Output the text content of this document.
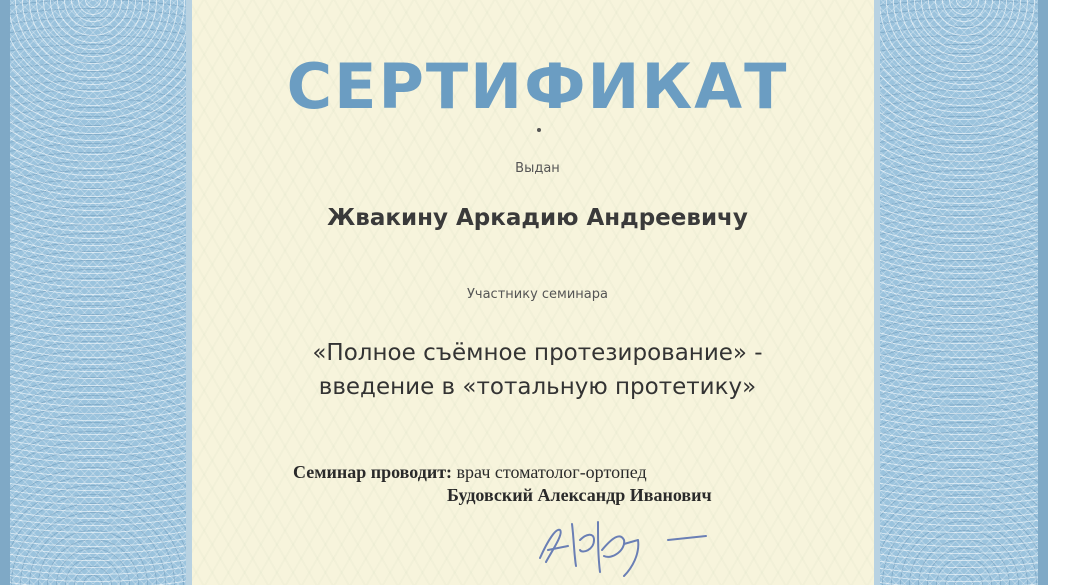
СЕРТИФИКАТ

Выдан

Жвакину Аркадию Андреевичу

Участнику семинара

«Полное съёмное протезирование» -

введение в «тотальную протетику»

Семинар проводит: врач стоматолог-ортопед

Будовский Александр Иванович
